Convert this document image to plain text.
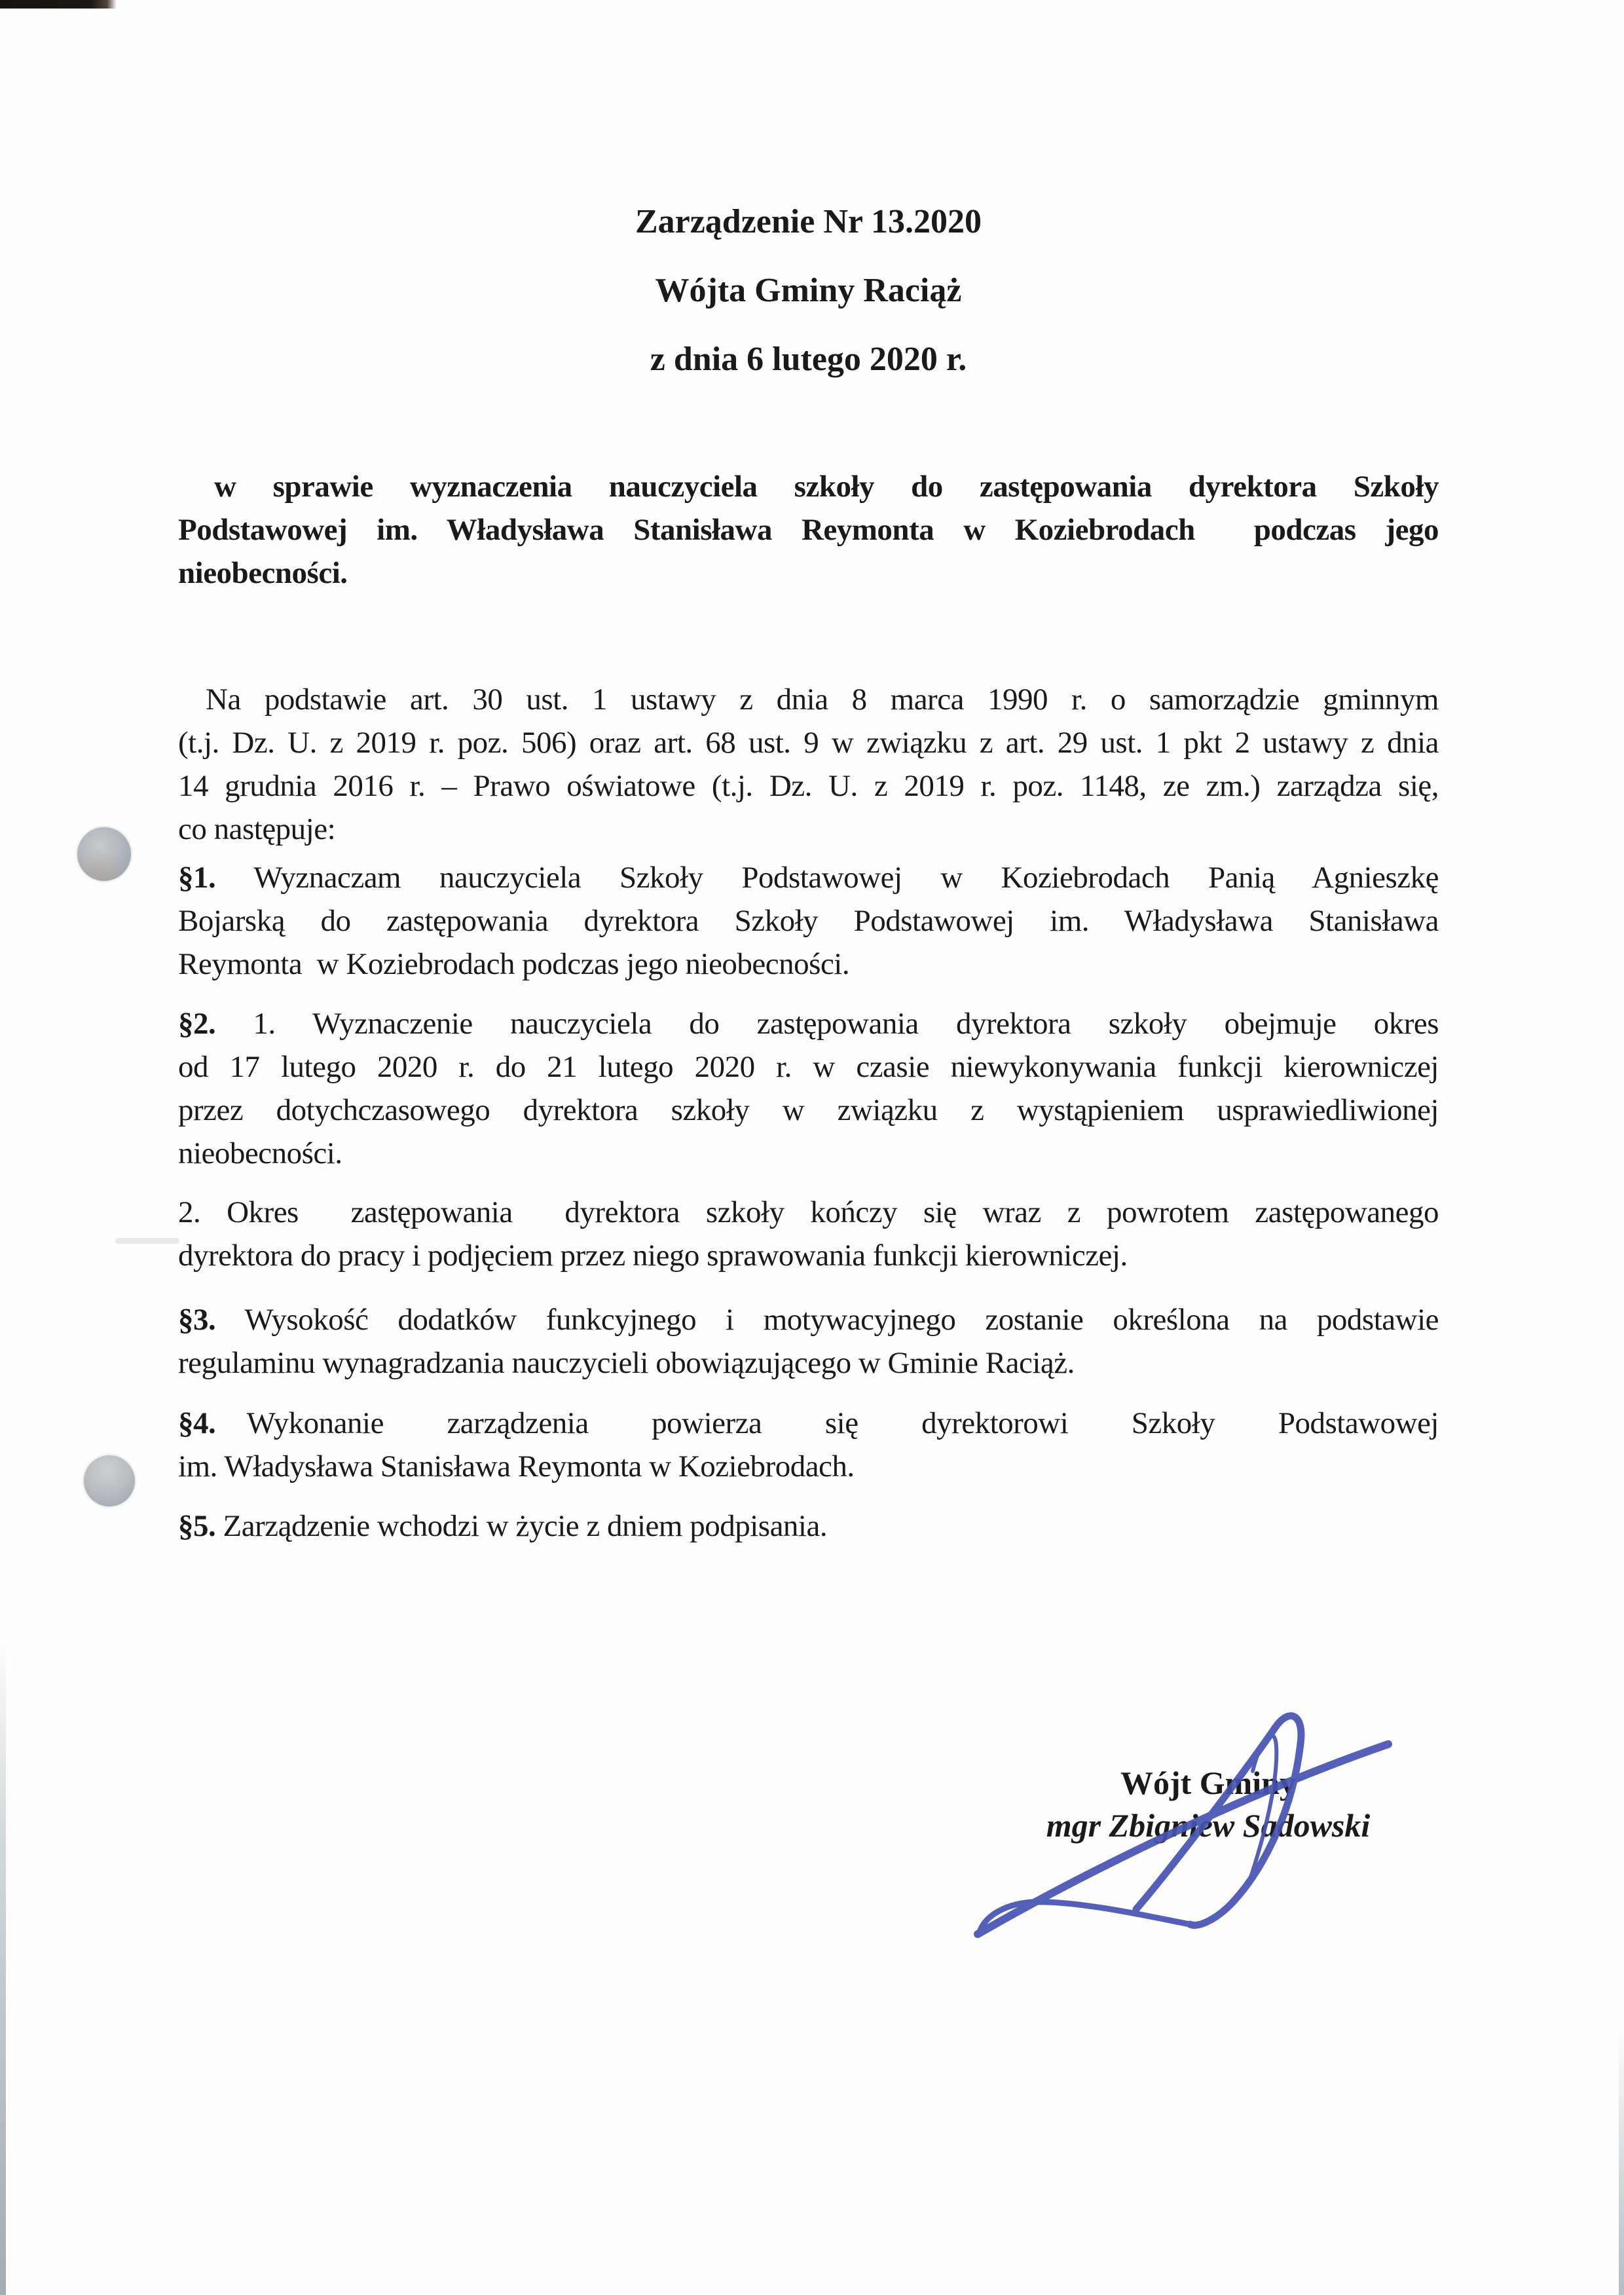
Zarządzenie Nr 13.2020
Wójta Gminy Raciąż
z dnia 6 lutego 2020 r.
w sprawie wyznaczenia nauczyciela szkoły do zastępowania dyrektora Szkoły
Podstawowej im. Władysława Stanisława Reymonta w Koziebrodach  podczas jego
nieobecności.
Na podstawie art. 30 ust. 1 ustawy z dnia 8 marca 1990 r. o samorządzie gminnym
(t.j. Dz. U. z 2019 r. poz. 506) oraz art. 68 ust. 9 w związku z art. 29 ust. 1 pkt 2 ustawy z dnia
14 grudnia 2016 r. – Prawo oświatowe (t.j. Dz. U. z 2019 r. poz. 1148, ze zm.) zarządza się,
co następuje:
§1. Wyznaczam nauczyciela Szkoły Podstawowej w Koziebrodach Panią Agnieszkę
Bojarską do zastępowania dyrektora Szkoły Podstawowej im. Władysława Stanisława
Reymonta  w Koziebrodach podczas jego nieobecności.
§2. 1. Wyznaczenie nauczyciela do zastępowania dyrektora szkoły obejmuje okres
od 17 lutego 2020 r. do 21 lutego 2020 r. w czasie niewykonywania funkcji kierowniczej
przez dotychczasowego dyrektora szkoły w związku z wystąpieniem usprawiedliwionej
nieobecności.
2. Okres  zastępowania  dyrektora szkoły kończy się wraz z powrotem zastępowanego
dyrektora do pracy i podjęciem przez niego sprawowania funkcji kierowniczej.
§3. Wysokość dodatków funkcyjnego i motywacyjnego zostanie określona na podstawie
regulaminu wynagradzania nauczycieli obowiązującego w Gminie Raciąż.
§4. Wykonanie  zarządzenia  powierza  się  dyrektorowi  Szkoły  Podstawowej
im. Władysława Stanisława Reymonta w Koziebrodach.
§5. Zarządzenie wchodzi w życie z dniem podpisania.
Wójt Gminy
mgr Zbigniew Sadowski
